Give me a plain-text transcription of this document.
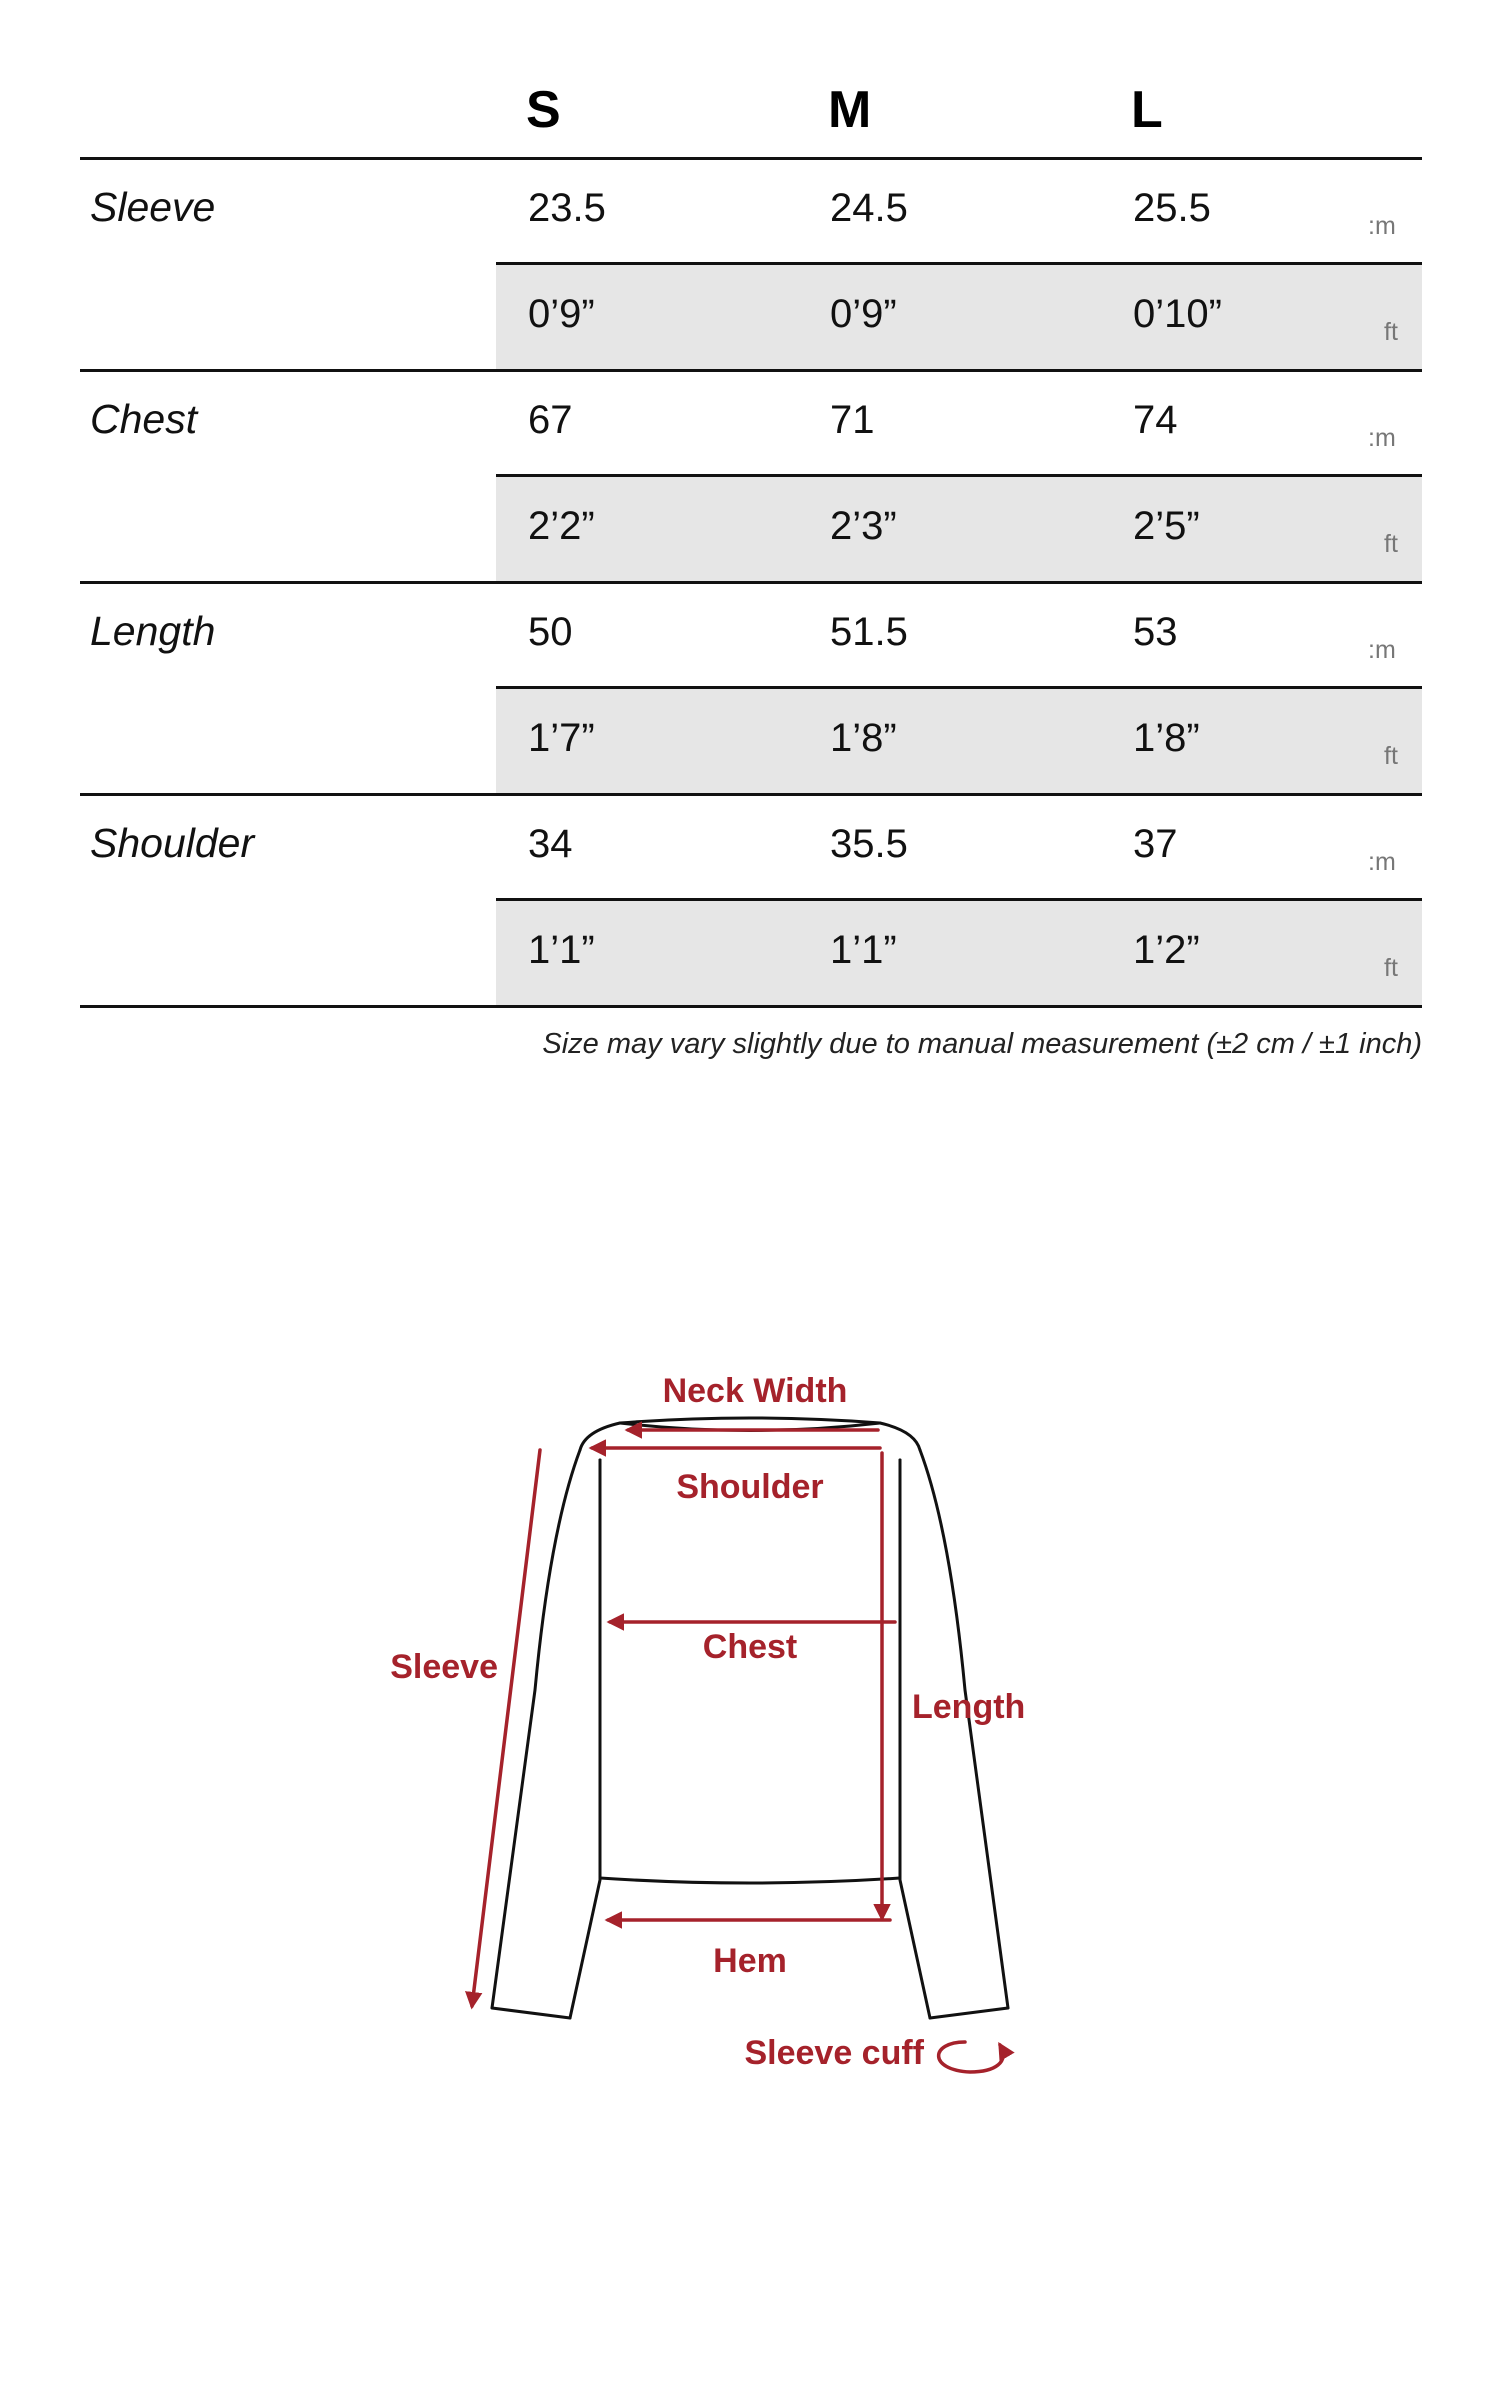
S	M	L
Sleeve	23.5	24.5	25.5	:m
0’9”	0’9”	0’10”	ft
Chest	67	71	74	:m
2’2”	2’3”	2’5”	ft
Length	50	51.5	53	:m
1’7”	1’8”	1’8”	ft
Shoulder	34	35.5	37	:m
1’1”	1’1”	1’2”	ft
Size may vary slightly due to manual measurement (±2 cm / ±1 inch)
Neck Width
Shoulder
Chest
Length
Sleeve
Hem
Sleeve cuff
